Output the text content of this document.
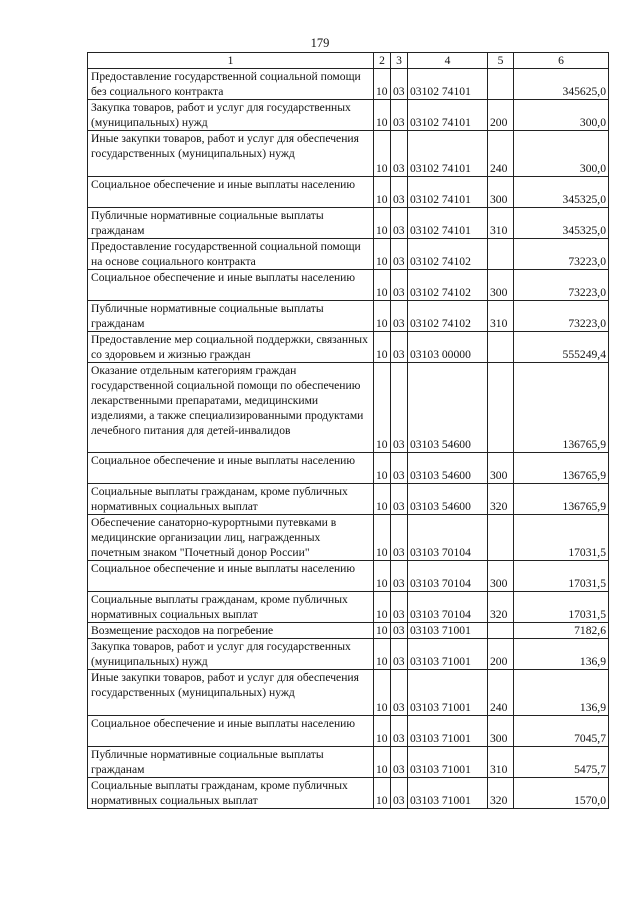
179
1	2	3	4	5	6
Предоставление государственной социальной помощи без социального контракта	10	03	03102 74101		345625,0
Закупка товаров, работ и услуг для государственных (муниципальных) нужд	10	03	03102 74101	200	300,0
Иные закупки товаров, работ и услуг для обеспечения государственных (муниципальных) нужд	10	03	03102 74101	240	300,0
Социальное обеспечение и иные выплаты населению	10	03	03102 74101	300	345325,0
Публичные нормативные социальные выплаты гражданам	10	03	03102 74101	310	345325,0
Предоставление государственной социальной помощи на основе социального контракта	10	03	03102 74102		73223,0
Социальное обеспечение и иные выплаты населению	10	03	03102 74102	300	73223,0
Публичные нормативные социальные выплаты гражданам	10	03	03102 74102	310	73223,0
Предоставление мер социальной поддержки, связанных со здоровьем и жизнью граждан	10	03	03103 00000		555249,4
Оказание отдельным категориям граждан государственной социальной помощи по обеспечению лекарственными препаратами, медицинскими изделиями, а также специализированными продуктами лечебного питания для детей-инвалидов	10	03	03103 54600		136765,9
Социальное обеспечение и иные выплаты населению	10	03	03103 54600	300	136765,9
Социальные выплаты гражданам, кроме публичных нормативных социальных выплат	10	03	03103 54600	320	136765,9
Обеспечение санаторно-курортными путевками в медицинские организации лиц, награжденных почетным знаком "Почетный донор России"	10	03	03103 70104		17031,5
Социальное обеспечение и иные выплаты населению	10	03	03103 70104	300	17031,5
Социальные выплаты гражданам, кроме публичных нормативных социальных выплат	10	03	03103 70104	320	17031,5
Возмещение расходов на погребение	10	03	03103 71001		7182,6
Закупка товаров, работ и услуг для государственных (муниципальных) нужд	10	03	03103 71001	200	136,9
Иные закупки товаров, работ и услуг для обеспечения государственных (муниципальных) нужд	10	03	03103 71001	240	136,9
Социальное обеспечение и иные выплаты населению	10	03	03103 71001	300	7045,7
Публичные нормативные социальные выплаты гражданам	10	03	03103 71001	310	5475,7
Социальные выплаты гражданам, кроме публичных нормативных социальных выплат	10	03	03103 71001	320	1570,0
